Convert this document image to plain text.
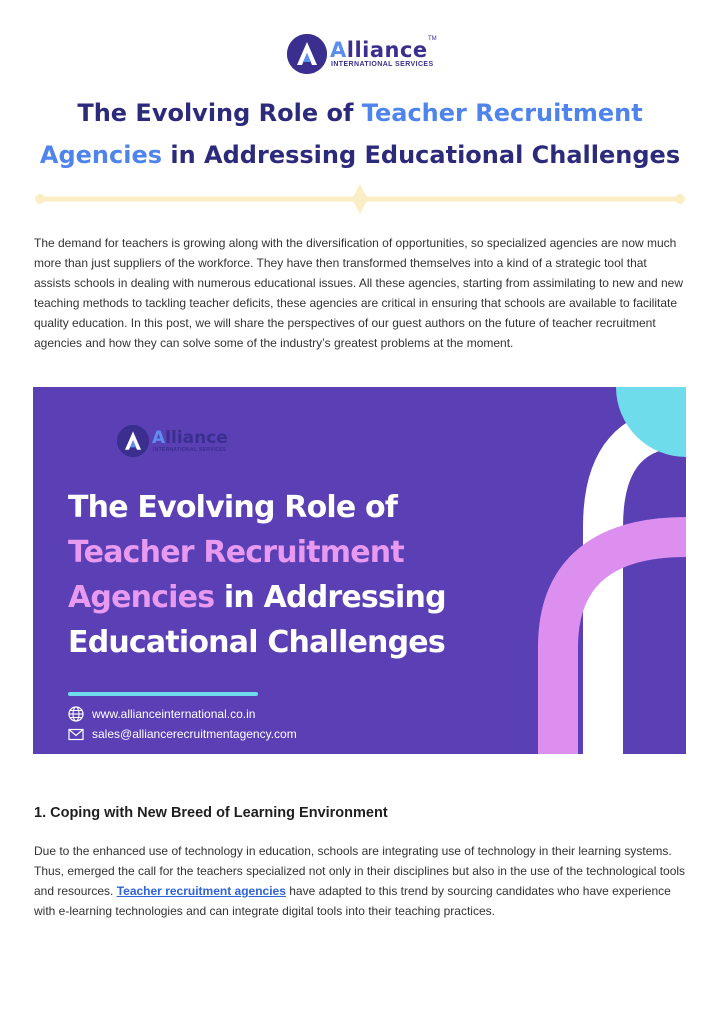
Alliance TM
INTERNATIONAL SERVICES
The Evolving Role of Teacher Recruitment
Agencies in Addressing Educational Challenges

The demand for teachers is growing along with the diversification of opportunities, so specialized agencies are now much more than just suppliers of the workforce. They have then transformed themselves into a kind of a strategic tool that assists schools in dealing with numerous educational issues. All these agencies, starting from assimilating to new and new teaching methods to tackling teacher deficits, these agencies are critical in ensuring that schools are available to facilitate quality education. In this post, we will share the perspectives of our guest authors on the future of teacher recruitment agencies and how they can solve some of the industry’s greatest problems at the moment.

Alliance
INTERNATIONAL SERVICES
The Evolving Role of
Teacher Recruitment
Agencies in Addressing
Educational Challenges
www.allianceinternational.co.in
sales@alliancerecruitmentagency.com
1. Coping with New Breed of Learning Environment

Due to the enhanced use of technology in education, schools are integrating use of technology in their learning systems. Thus, emerged the call for the teachers specialized not only in their disciplines but also in the use of the technological tools and resources. Teacher recruitment agencies have adapted to this trend by sourcing candidates who have experience with e-learning technologies and can integrate digital tools into their teaching practices.
